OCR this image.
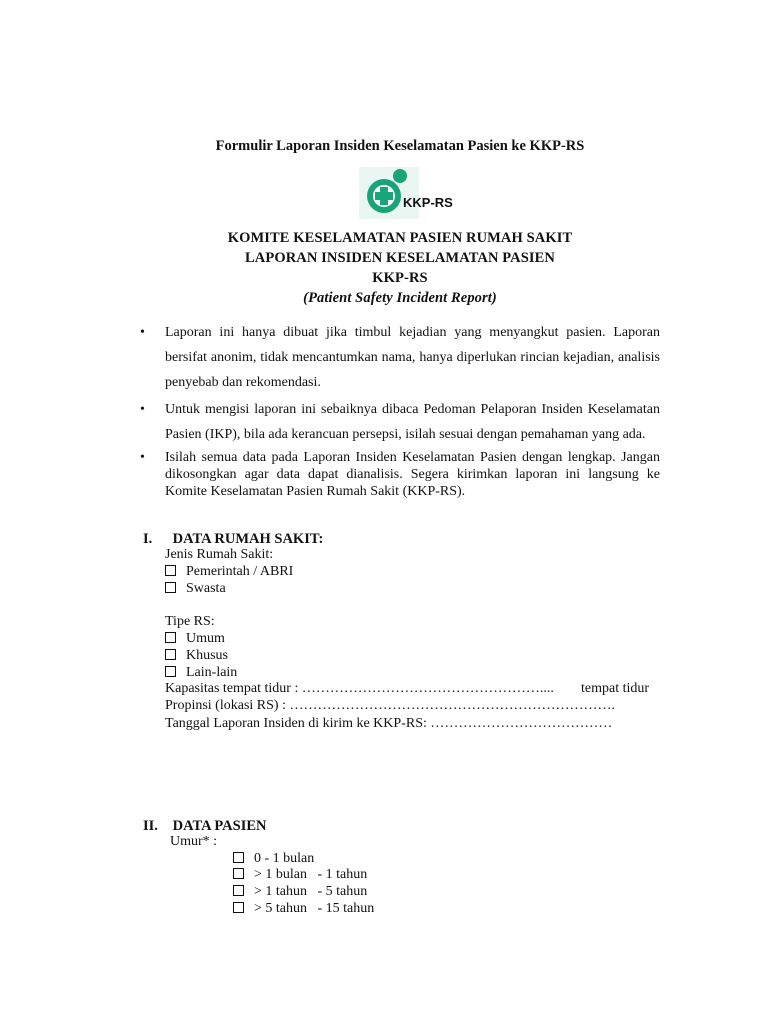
Formulir Laporan Insiden Keselamatan Pasien ke KKP-RS
KKP-RS
KOMITE KESELAMATAN PASIEN RUMAH SAKIT
LAPORAN INSIDEN KESELAMATAN PASIEN
KKP-RS
(Patient Safety Incident Report)
• Laporan ini hanya dibuat jika timbul kejadian yang menyangkut pasien. Laporan bersifat anonim, tidak mencantumkan nama, hanya diperlukan rincian kejadian, analisis penyebab dan rekomendasi.
• Untuk mengisi laporan ini sebaiknya dibaca Pedoman Pelaporan Insiden Keselamatan Pasien (IKP), bila ada kerancuan persepsi, isilah sesuai dengan pemahaman yang ada.
• Isilah semua data pada Laporan Insiden Keselamatan Pasien dengan lengkap. Jangan dikosongkan agar data dapat dianalisis. Segera kirimkan laporan ini langsung ke Komite Keselamatan Pasien Rumah Sakit (KKP-RS).
I. DATA RUMAH SAKIT:
Jenis Rumah Sakit:
Pemerintah / ABRI
Swasta
Tipe RS:
Umum
Khusus
Lain-lain
Kapasitas tempat tidur : …………………………………………….... tempat tidur
Propinsi (lokasi RS) : …………………………………………………………….
Tanggal Laporan Insiden di kirim ke KKP-RS: …………………………………
II. DATA PASIEN
Umur* :
0 - 1 bulan
> 1 bulan   - 1 tahun
> 1 tahun   - 5 tahun
> 5 tahun   - 15 tahun
